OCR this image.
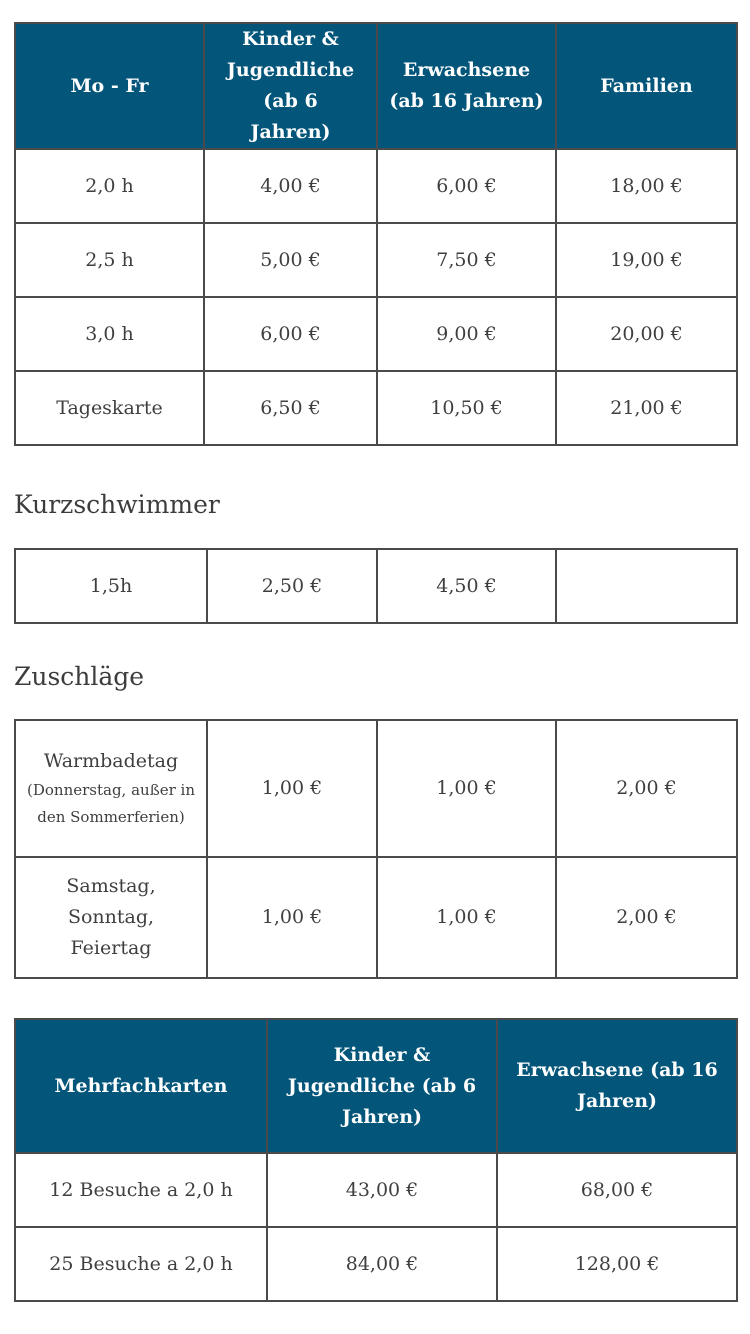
Mo - Fr	Kinder & Jugendliche (ab 6 Jahren)	Erwachsene (ab 16 Jahren)	Familien
2,0 h	4,00 €	6,00 €	18,00 €
2,5 h	5,00 €	7,50 €	19,00 €
3,0 h	6,00 €	9,00 €	20,00 €
Tageskarte	6,50 €	10,50 €	21,00 €
Kurzschwimmer
1,5h	2,50 €	4,50 €	
Zuschläge
Warmbadetag
(Donnerstag, außer in den Sommerferien)	1,00 €	1,00 €	2,00 €

Samstag, Sonntag, Feiertag	1,00 €	1,00 €	2,00 €
Mehrfachkarten	Kinder & Jugendliche (ab 6 Jahren)	Erwachsene (ab 16 Jahren)
12 Besuche a 2,0 h	43,00 €	68,00 €
25 Besuche a 2,0 h	84,00 €	128,00 €
